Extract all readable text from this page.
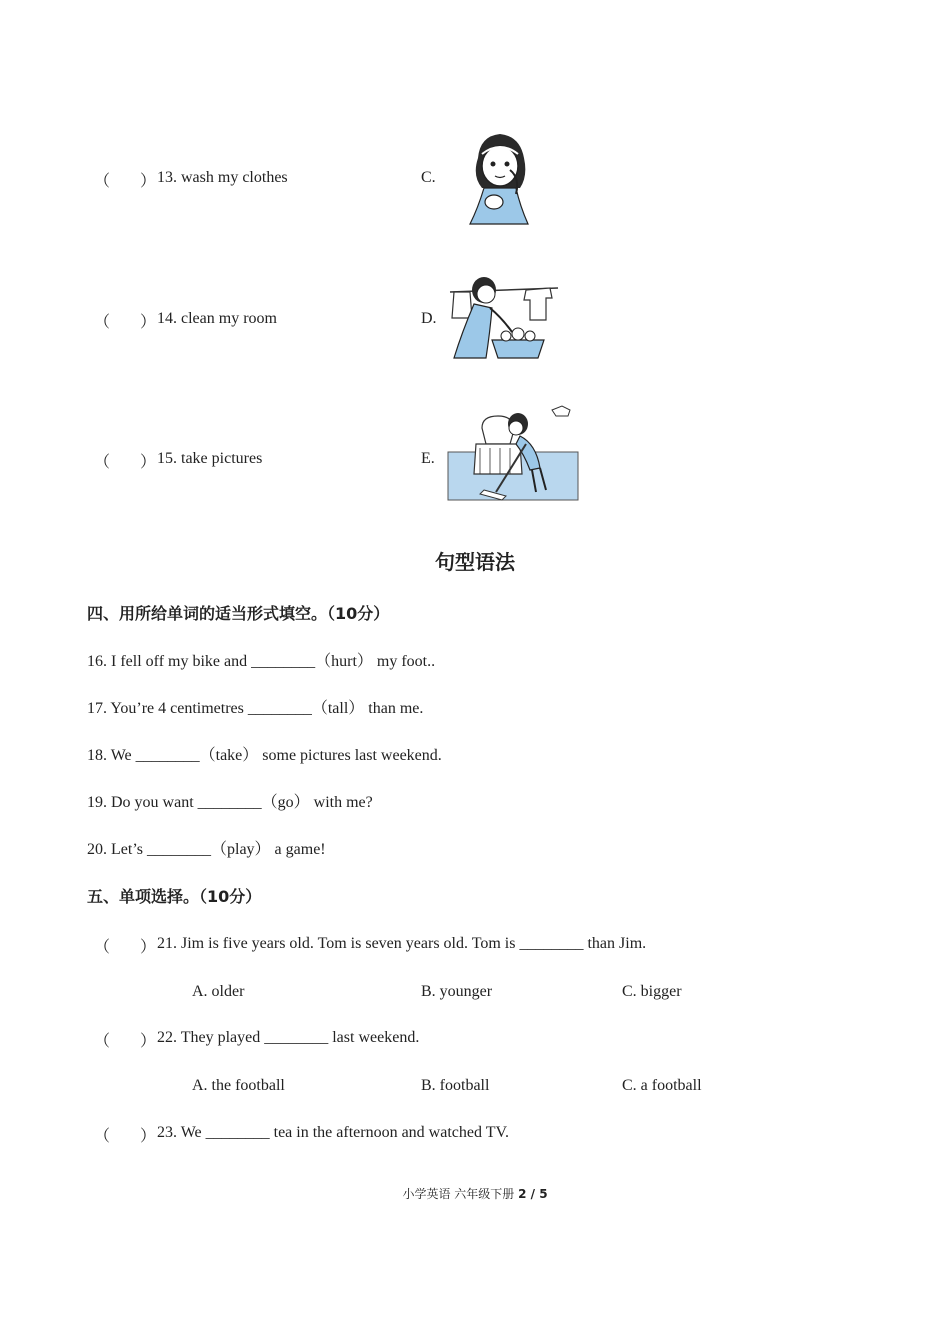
（ ） 13. wash my clothes	C.
（ ） 14. clean my room	D.
（ ） 15. take pictures	E.
句型语法
四、用所给单词的适当形式填空。（10分）
16. I fell off my bike and ________（hurt） my foot..
17. You’re 4 centimetres ________（tall） than me.
18. We ________（take） some pictures last weekend.
19. Do you want ________（go） with me?
20. Let’s ________（play） a game!
五、单项选择。（10分）
（ ） 21. Jim is five years old. Tom is seven years old. Tom is ________ than Jim.
A. older	B. younger	C. bigger
（ ） 22. They played ________ last weekend.
A. the football	B. football	C. a football
（ ） 23. We ________ tea in the afternoon and watched TV.
小学英语 六年级下册 2 / 5
